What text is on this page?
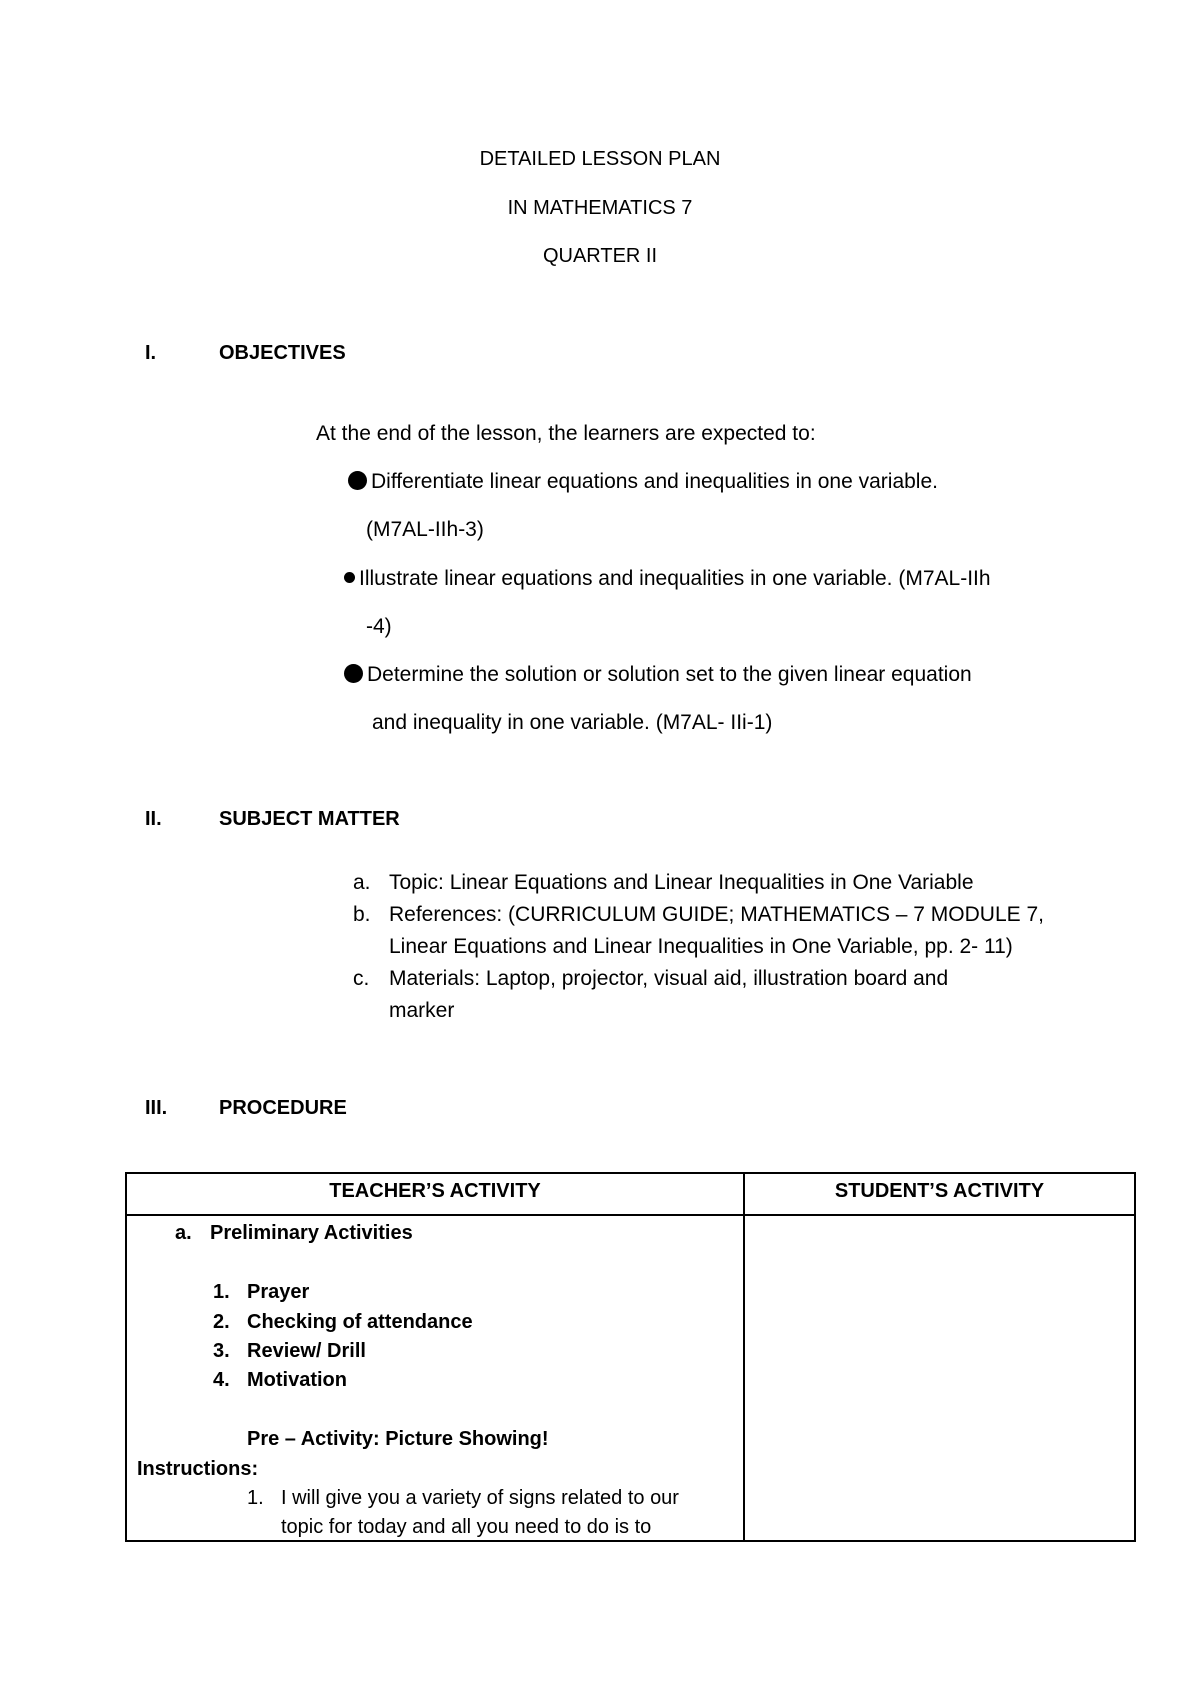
DETAILED LESSON PLAN
IN MATHEMATICS 7
QUARTER II
I.	OBJECTIVES
At the end of the lesson, the learners are expected to:
Differentiate linear equations and inequalities in one variable.
(M7AL-IIh-3)
Illustrate linear equations and inequalities in one variable. (M7AL-IIh
-4)
Determine the solution or solution set to the given linear equation
and inequality in one variable. (M7AL- IIi-1)
II.	SUBJECT MATTER
a. Topic: Linear Equations and Linear Inequalities in One Variable
b. References: (CURRICULUM GUIDE; MATHEMATICS – 7 MODULE 7,
Linear Equations and Linear Inequalities in One Variable, pp. 2- 11)
c. Materials: Laptop, projector, visual aid, illustration board and
marker
III.	PROCEDURE
TEACHER’S ACTIVITY	STUDENT’S ACTIVITY
a. Preliminary Activities
1. Prayer
2. Checking of attendance
3. Review/ Drill
4. Motivation
Pre – Activity: Picture Showing!
Instructions:
1. I will give you a variety of signs related to our
topic for today and all you need to do is to
